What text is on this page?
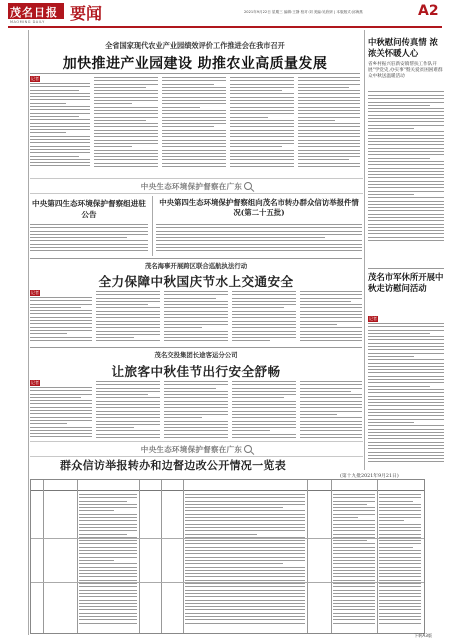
茂名日报
MAOMING DAILY 要闻	2021年9月22日 星期三 编辑:王静 校对:刘 美编:吴欣妍 | 本版版式:邱海燕	A2
全省国家现代农业产业园绩效评价工作推进会在我市召开
加快推进产业园建设 助推农业高质量发展
记者
中秋慰问传真情 浓浓关怀暖人心
省乡村振兴驻新安镇帮扶工作队开展"学党史,办实事"暨关爱贫困困难群众中秋送温暖活动
中央生态环境保护督察在广东
中央第四生态环境保护督察组进驻公告
中央第四生态环境保护督察组向茂名市转办群众信访举报件情况(第二十五批)
茂名海事开展跨区联合巡航执法行动
全力保障中秋国庆节水上交通安全
记者
茂名交投集团长途客运分公司
让旅客中秋佳节出行安全舒畅
记者
茂名市军休所开展中秋走访慰问活动
记者
中央生态环境保护督察在广东
群众信访举报转办和边督边改公开情况一览表
(第十九批2021年9月21日)
下转A3版
